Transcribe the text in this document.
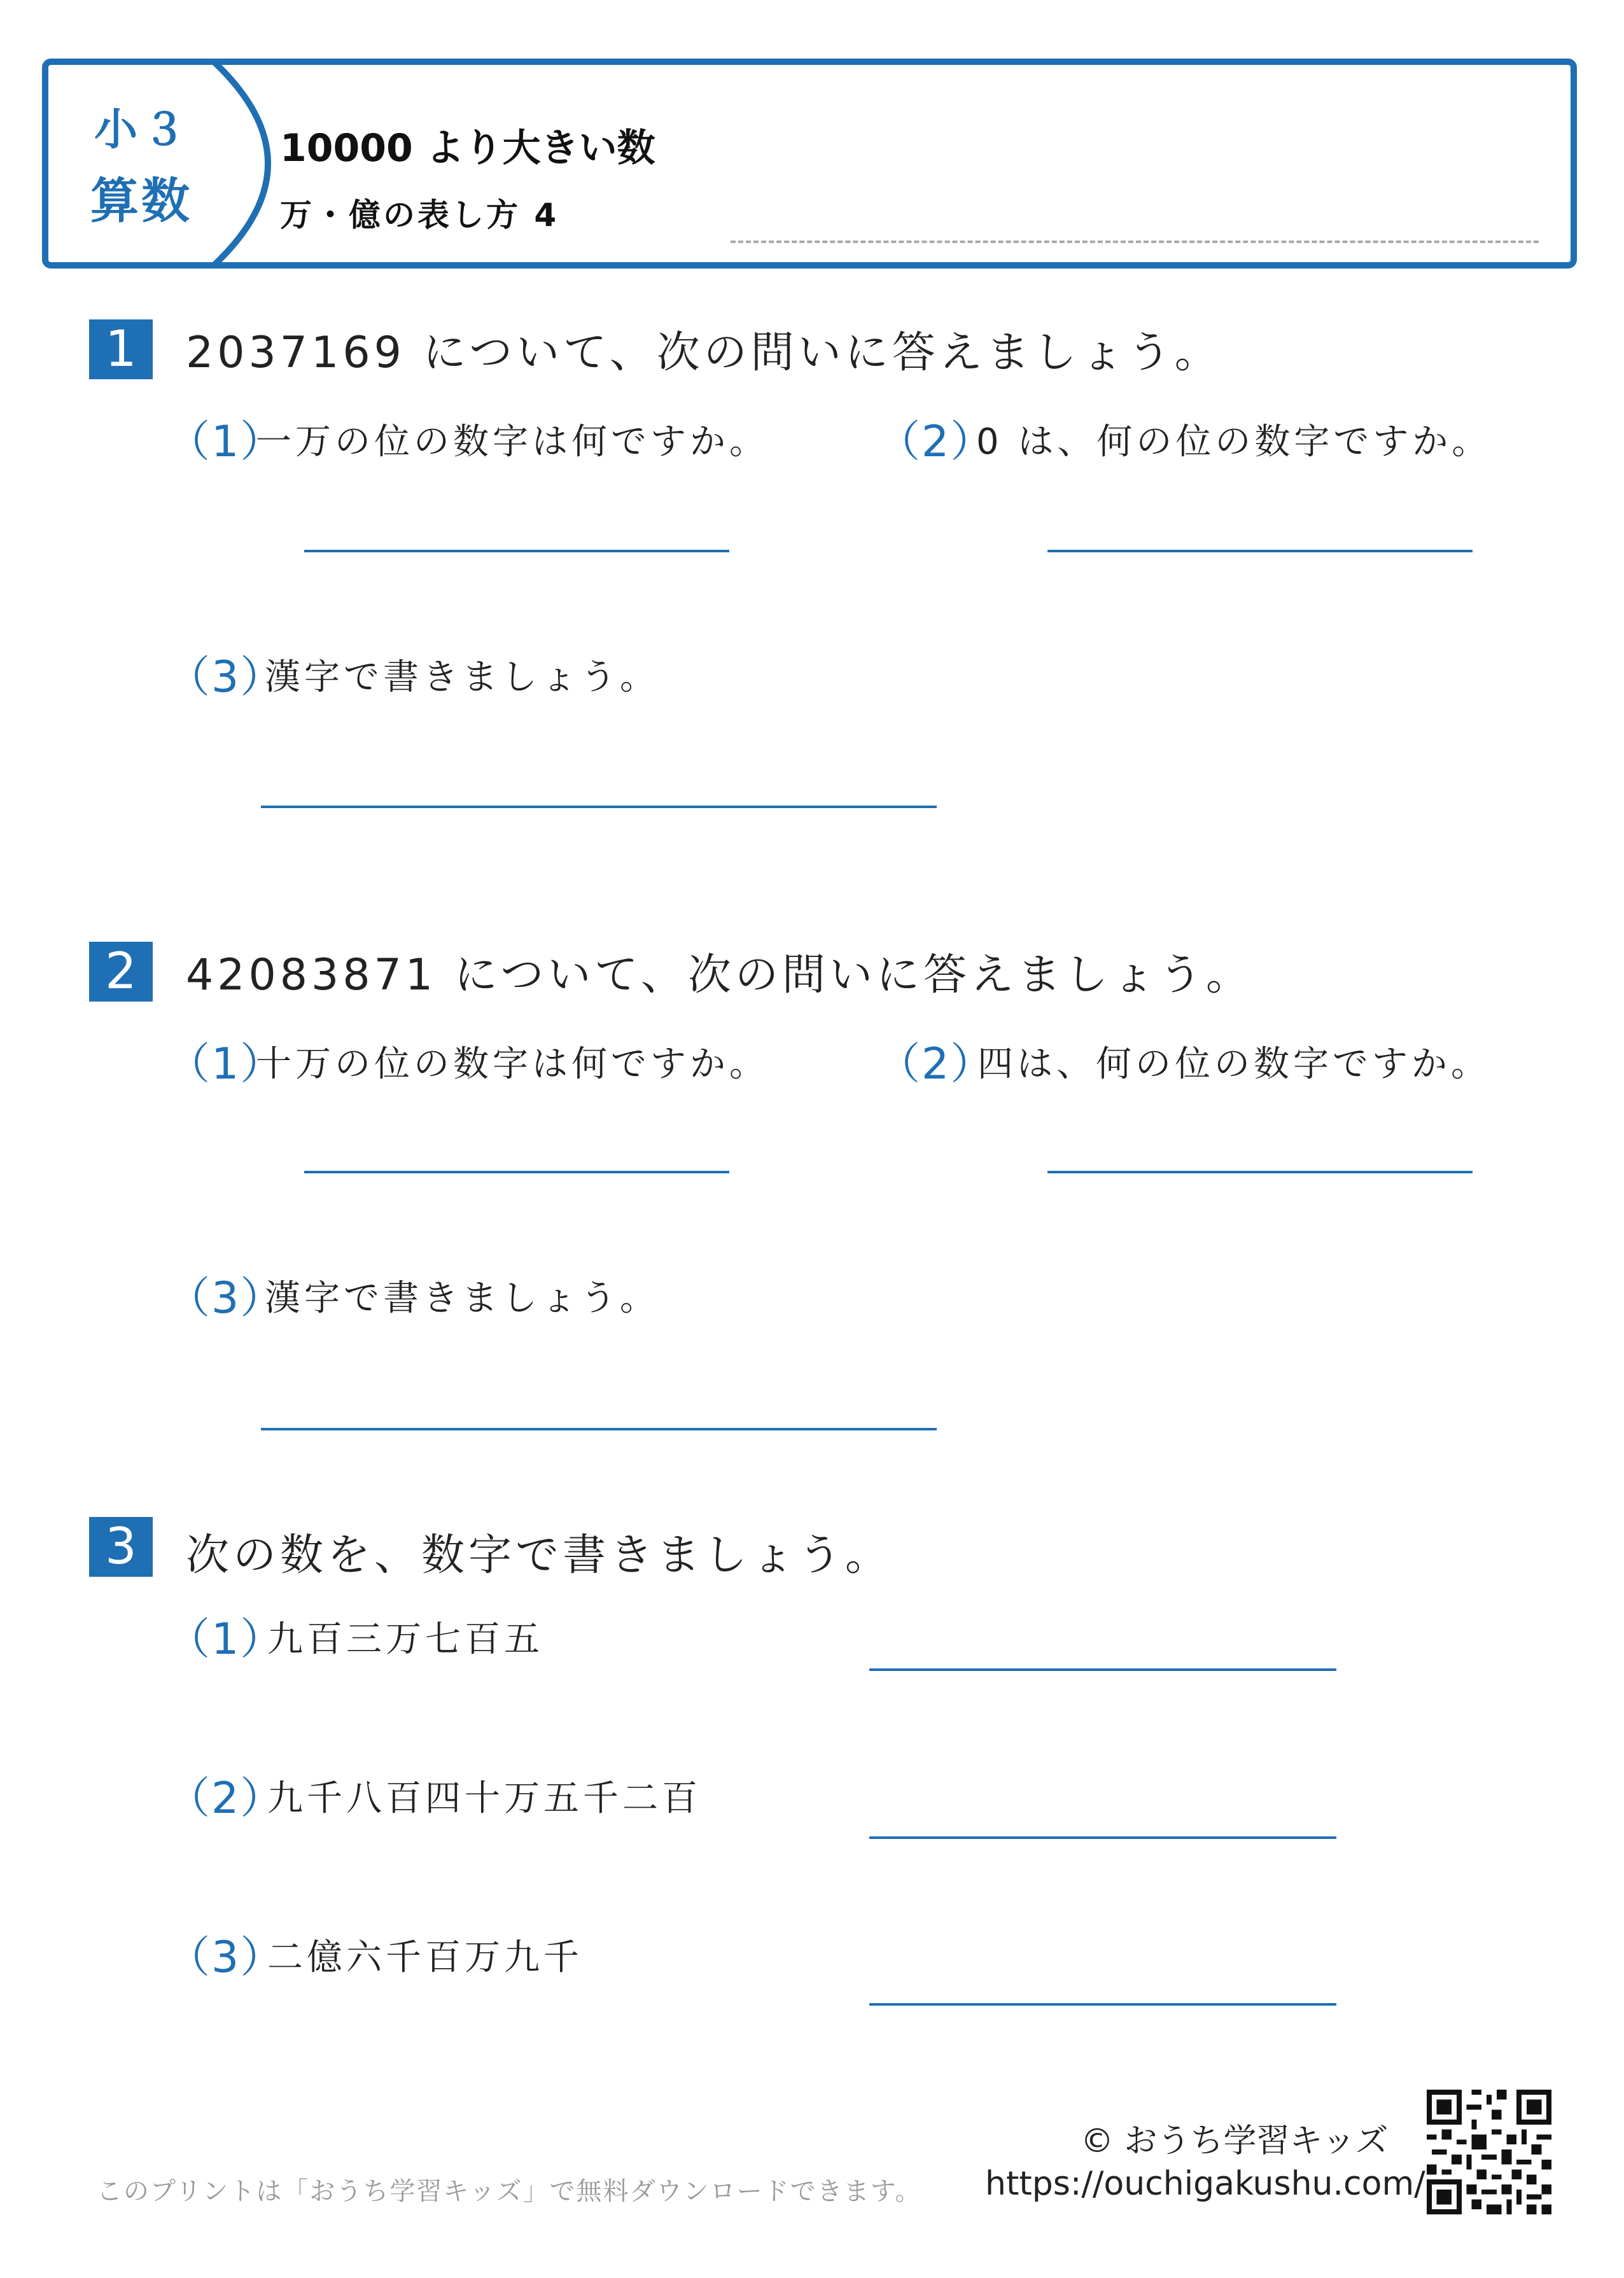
小３
算数
10000 より大きい数
万・億の表し方 4
1	2037169 について、次の問いに答えましょう。
（1）
一万の位の数字は何ですか。	（2）
0 は、何の位の数字ですか。
（3）
漢字で書きましょう。
2	42083871 について、次の問いに答えましょう。
（1）
十万の位の数字は何ですか。	（2）
四は、何の位の数字ですか。
（3）
漢字で書きましょう。
3	次の数を、数字で書きましょう。
（1）
九百三万七百五
（2）
九千八百四十万五千二百
（3）
二億六千百万九千
© おうち学習キッズ
https://ouchigakushu.com/
このプリントは「おうち学習キッズ」で無料ダウンロードできます。
